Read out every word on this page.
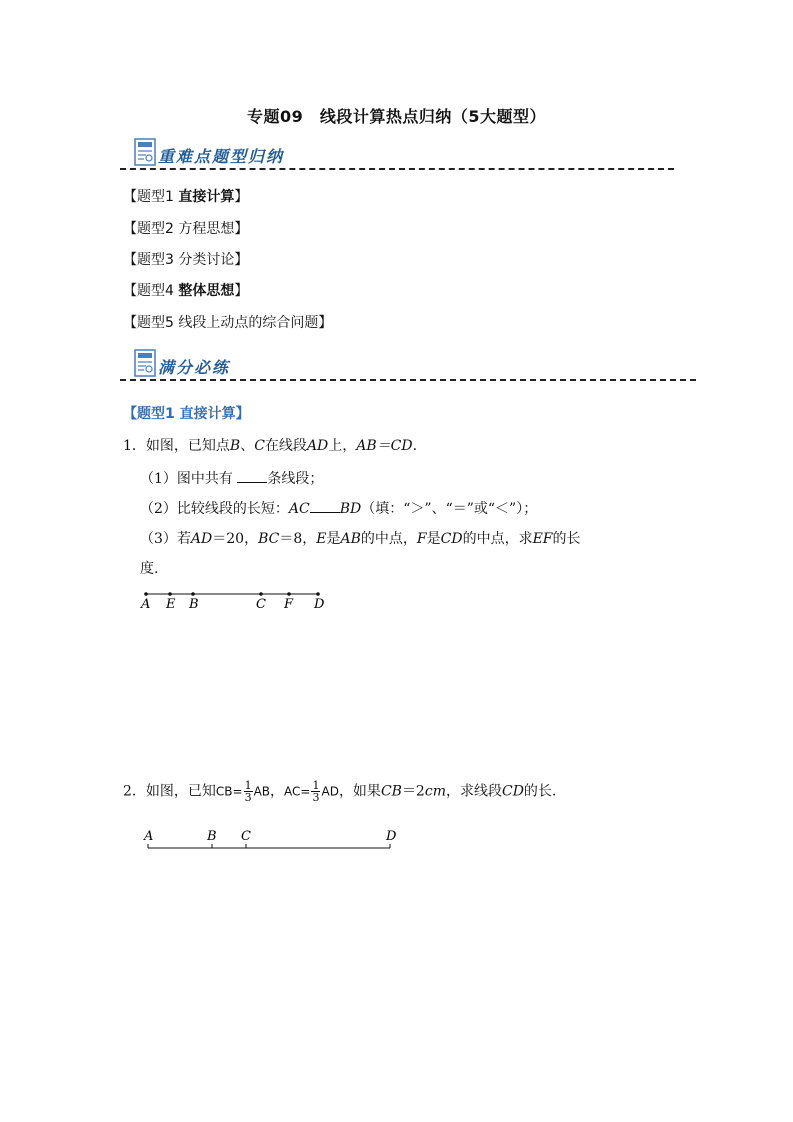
专题09　线段计算热点归纳（5大题型）
重难点题型归纳
【题型1 直接计算】
【题型2 方程思想】
【题型3 分类讨论】
【题型4 整体思想】
【题型5 线段上动点的综合问题】
满分必练
【题型1 直接计算】
1．如图，已知点B、C在线段AD上，AB＝CD.
（1）图中共有 条线段；
（2）比较线段的长短：AC BD（填：“＞”、“＝”或“＜”）；
（3）若AD＝20，BC＝8，E是AB的中点，F是CD的中点，求EF的长
度.
A E B	C F D
2．如图，已知$CB= \frac{1}{3}$ AB，$AC= \frac{1}{3}$ AD，如果CB＝2cm，求线段CD的长.
A	B C	D
